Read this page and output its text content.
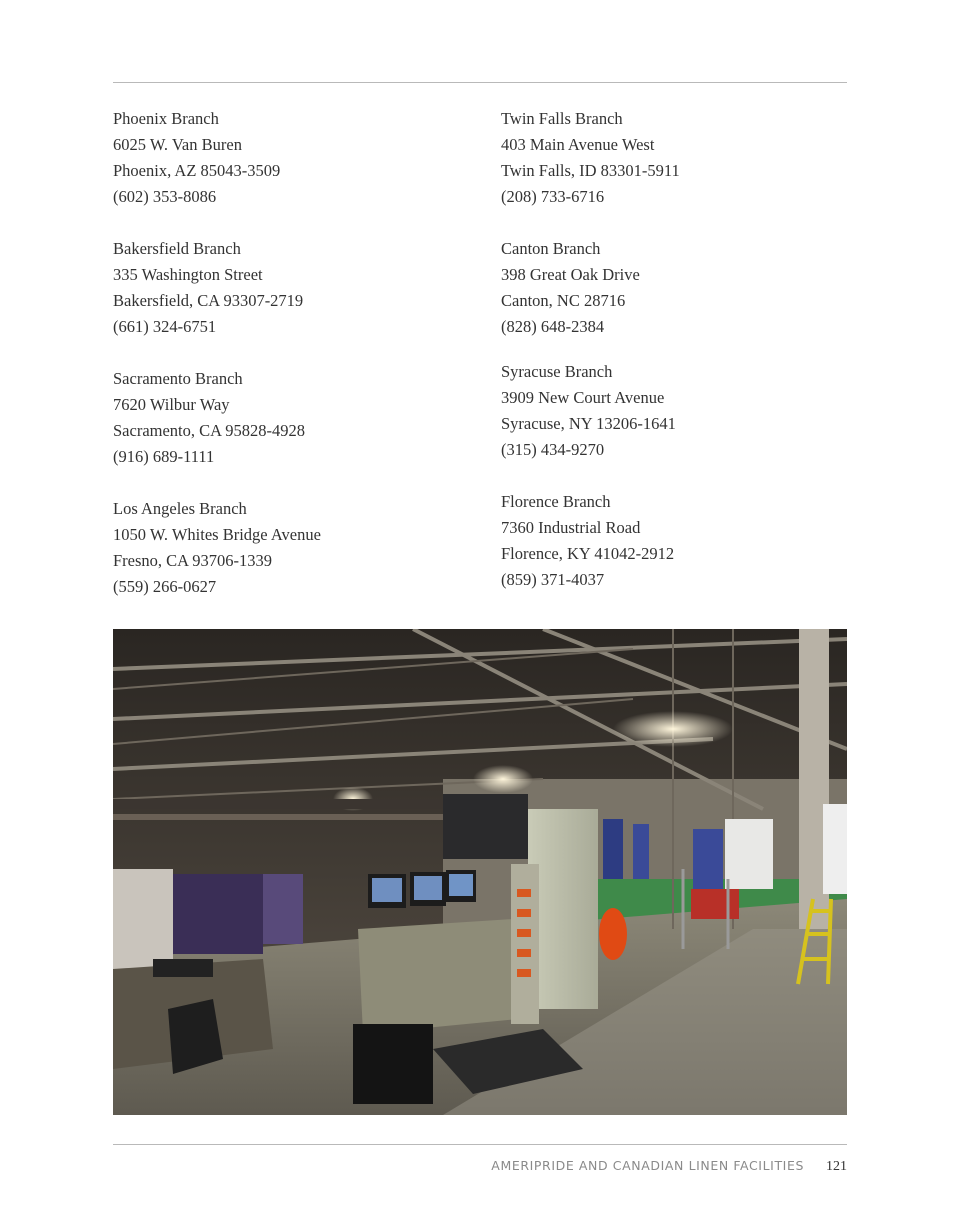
Phoenix Branch
6025 W. Van Buren
Phoenix, AZ 85043-3509
(602) 353-8086
Bakersfield Branch
335 Washington Street
Bakersfield, CA 93307-2719
(661) 324-6751
Sacramento Branch
7620 Wilbur Way
Sacramento, CA 95828-4928
(916) 689-1111
Los Angeles Branch
1050 W. Whites Bridge Avenue
Fresno, CA 93706-1339
(559) 266-0627
Twin Falls Branch
403 Main Avenue West
Twin Falls, ID 83301-5911
(208) 733-6716
Canton Branch
398 Great Oak Drive
Canton, NC 28716
(828) 648-2384
Syracuse Branch
3909 New Court Avenue
Syracuse, NY 13206-1641
(315) 434-9270
Florence Branch
7360 Industrial Road
Florence, KY 41042-2912
(859) 371-4037
AMERIPRIDE AND CANADIAN LINEN FACILITIES 121
